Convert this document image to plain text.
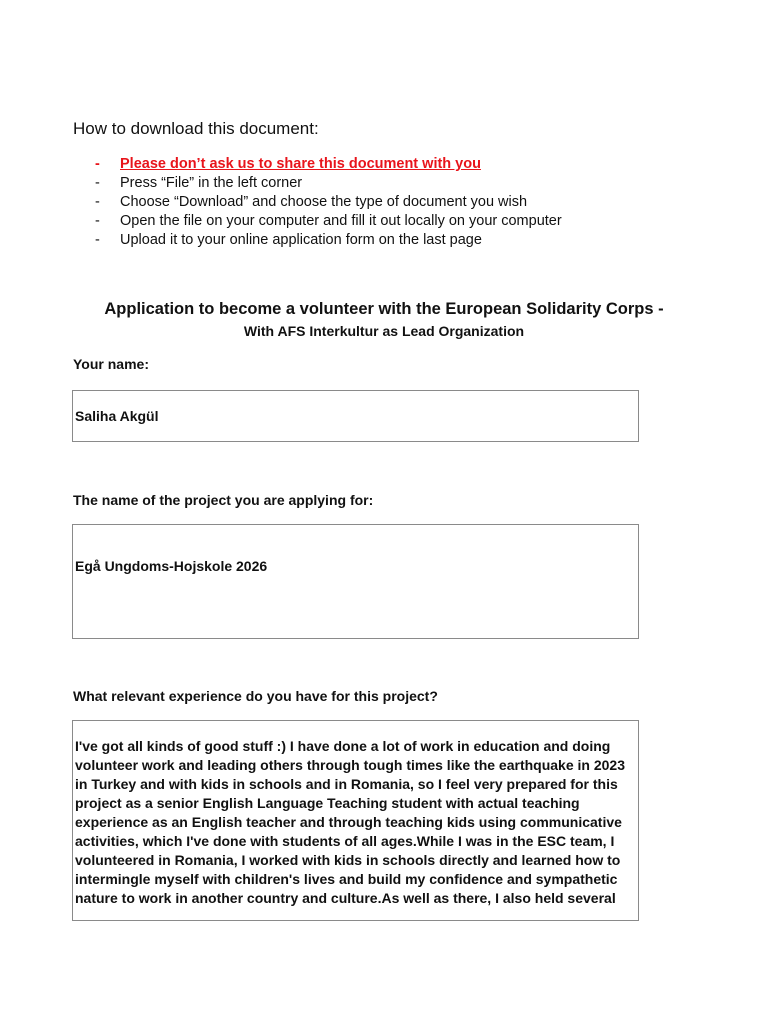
How to download this document:
- Please don’t ask us to share this document with you
- Press “File” in the left corner
- Choose “Download” and choose the type of document you wish
- Open the file on your computer and fill it out locally on your computer
- Upload it to your online application form on the last page
Application to become a volunteer with the European Solidarity Corps -
With AFS Interkultur as Lead Organization

Your name:

Saliha Akgül

The name of the project you are applying for:

Egå Ungdoms-Hojskole 2026

What relevant experience do you have for this project?

I've got all kinds of good stuff :) I have done a lot of work in education and doing volunteer work and leading others through tough times like the earthquake in 2023 in Turkey and with kids in schools and in Romania, so I feel very prepared for this project as a senior English Language Teaching student with actual teaching experience as an English teacher and through teaching kids using communicative activities, which I've done with students of all ages.While I was in the ESC team, I volunteered in Romania, I worked with kids in schools directly and learned how to intermingle myself with children's lives and build my confidence and sympathetic nature to work in another country and culture.As well as there, I also held several
